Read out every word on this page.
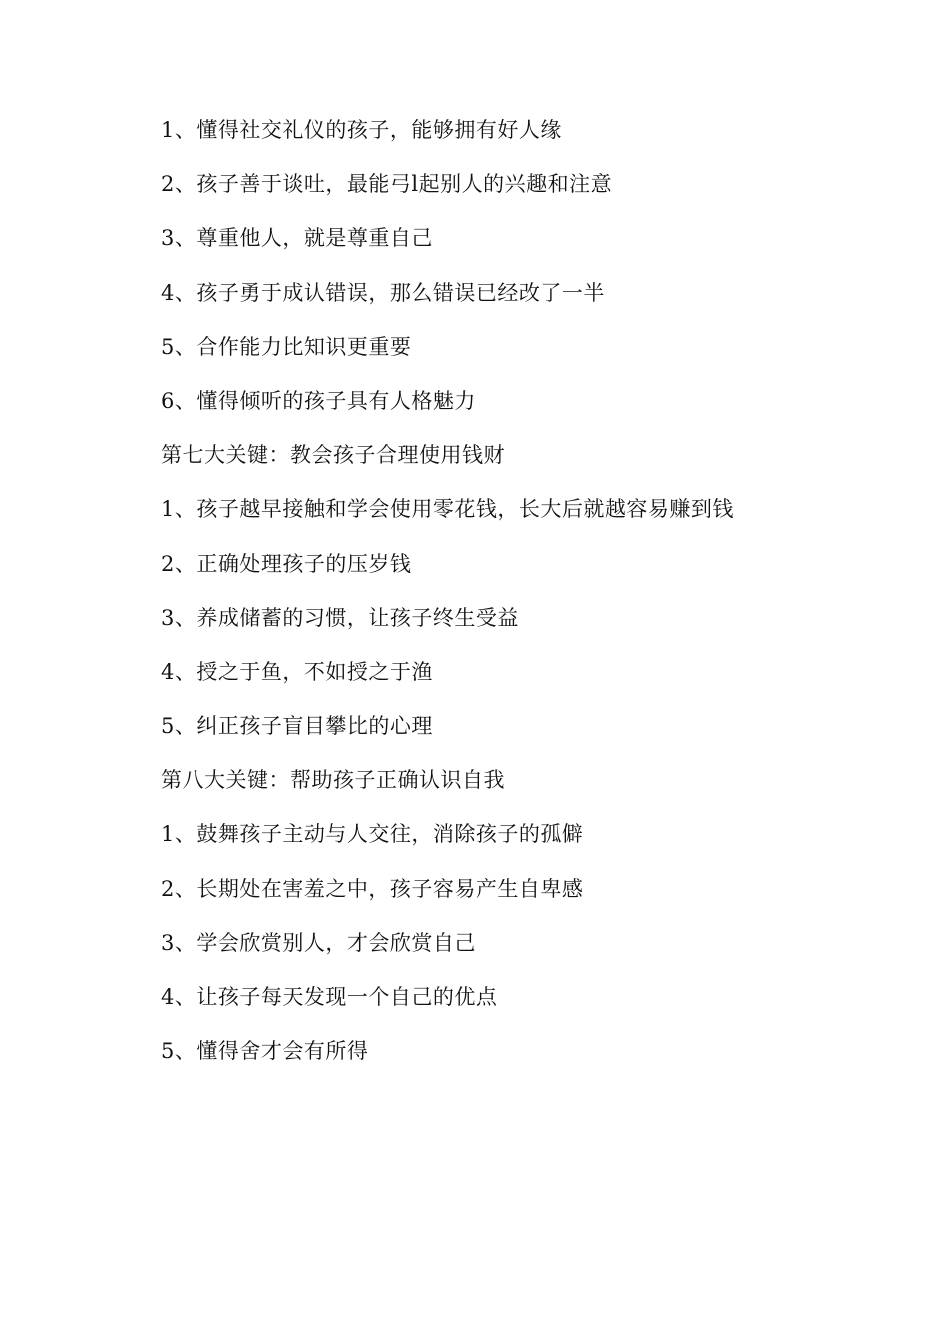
1、懂得社交礼仪的孩子，能够拥有好人缘
2、孩子善于谈吐，最能弓l起别人的兴趣和注意
3、尊重他人，就是尊重自己
4、孩子勇于成认错误，那么错误已经改了一半
5、合作能力比知识更重要
6、懂得倾听的孩子具有人格魅力
第七大关键：教会孩子合理使用钱财
1、孩子越早接触和学会使用零花钱，长大后就越容易赚到钱
2、正确处理孩子的压岁钱
3、养成储蓄的习惯，让孩子终生受益
4、授之于鱼，不如授之于渔
5、纠正孩子盲目攀比的心理
第八大关键：帮助孩子正确认识自我
1、鼓舞孩子主动与人交往，消除孩子的孤僻
2、长期处在害羞之中，孩子容易产生自卑感
3、学会欣赏别人，才会欣赏自己
4、让孩子每天发现一个自己的优点
5、懂得舍才会有所得
